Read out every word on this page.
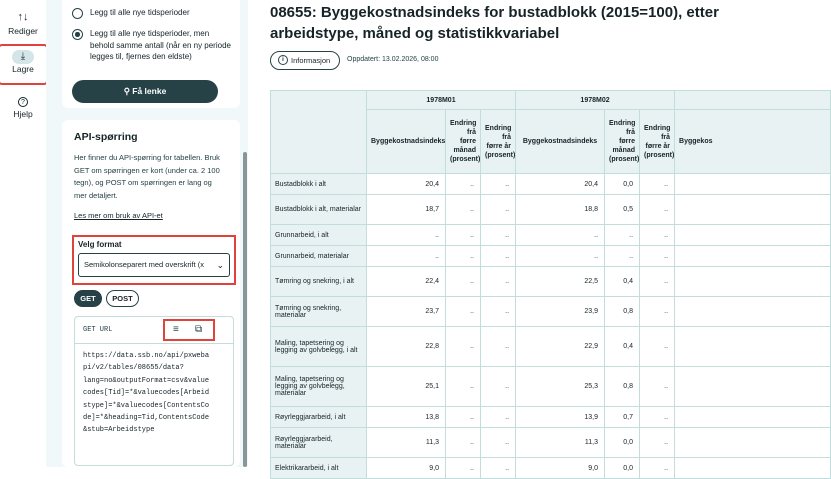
↑↓
Rediger
⤓
Lagre
?
Hjelp
Legg til alle nye tidsperioder
Legg til alle nye tidsperioder, men behold samme antall (når en ny periode legges til, fjernes den eldste)
⚲ Få lenke
API-spørring
Her finner du API-spørring for tabellen. Bruk GET om spørringen er kort (under ca. 2 100 tegn), og POST om spørringen er lang og mer detaljert.
Les mer om bruk av API-et
Velg format
Semikolonseparert med overskrift (x ⌄
GET	POST
GET URL	≡ ⧉
https://data.ssb.no/api/pxweba
pi/v2/tables/08655/data?
lang=no&outputFormat=csv&value
codes[Tid]=*&valuecodes[Arbeid
stype]=*&valuecodes[ContentsCo
de]=*&heading=Tid,ContentsCode
&stub=Arbeidstype
08655: Byggekostnadsindeks for bustadblokk (2015=100), etter arbeidstype, måned og statistikkvariabel
i Informasjon	Oppdatert: 13.02.2026, 08:00
	1978M01			1978M02			
	Byggekostnadsindeks	Endring frå førre månad (prosent)	Endring frå førre år (prosent)	Byggekostnadsindeks	Endring frå førre månad (prosent)	Endring frå førre år (prosent)	Byggekos
Bustadblokk i alt	20,4	..	..	20,4	0,0	..	
Bustadblokk i alt, materialar	18,7	..	..	18,8	0,5	..	
Grunnarbeid, i alt	..	..	..	..	..	..	
Grunnarbeid, materialar	..	..	..	..	..	..	
Tømring og snekring, i alt	22,4	..	..	22,5	0,4	..	
Tømring og snekring, materialar	23,7	..	..	23,9	0,8	..	
Maling, tapetsering og legging av golvbelegg, i alt	22,8	..	..	22,9	0,4	..	
Maling, tapetsering og legging av golvbelegg, materialar	25,1	..	..	25,3	0,8	..	
Røyrleggjararbeid, i alt	13,8	..	..	13,9	0,7	..	
Røyrleggjararbeid, materialar	11,3	..	..	11,3	0,0	..	
Elektrikararbeid, i alt	9,0	..	..	9,0	0,0	..	
